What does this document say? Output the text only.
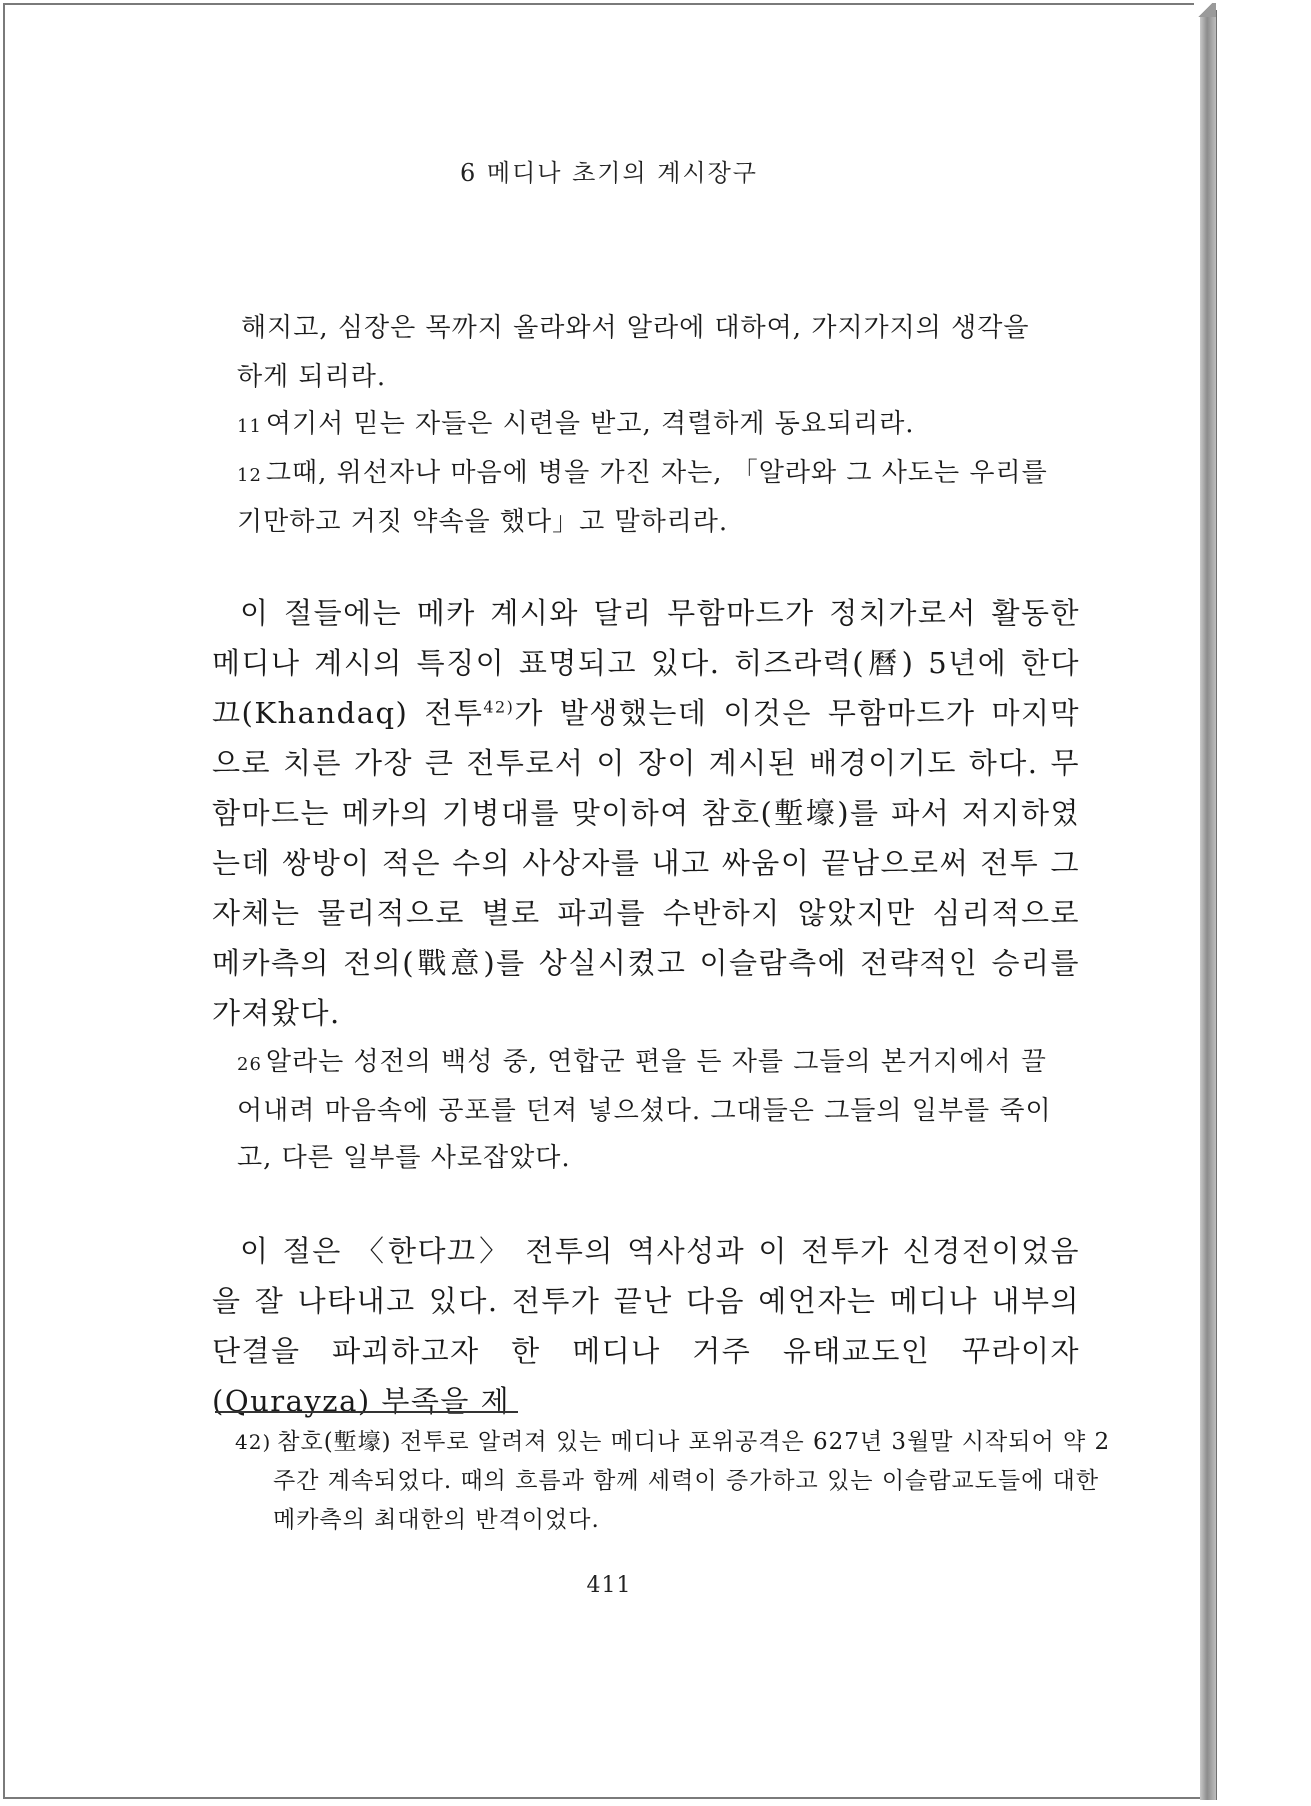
6 메디나 초기의 계시장구

해지고, 심장은 목까지 올라와서 알라에 대하여, 가지가지의 생각을 하게 되리라.

11 여기서 믿는 자들은 시련을 받고, 격렬하게 동요되리라.

12 그때, 위선자나 마음에 병을 가진 자는, 「알라와 그 사도는 우리를 기만하고 거짓 약속을 했다」고 말하리라.

이 절들에는 메카 계시와 달리 무함마드가 정치가로서 활동한 메디나 계시의 특징이 표명되고 있다. 히즈라력(曆) 5년에 한다끄(Khandaq) 전투$^{42)}$가 발생했는데 이것은 무함마드가 마지막으로 치른 가장 큰 전투로서 이 장이 계시된 배경이기도 하다. 무함마드는 메카의 기병대를 맞이하여 참호(塹壕)를 파서 저지하였는데 쌍방이 적은 수의 사상자를 내고 싸움이 끝남으로써 전투 그 자체는 물리적으로 별로 파괴를 수반하지 않았지만 심리적으로 메카측의 전의(戰意)를 상실시켰고 이슬람측에 전략적인 승리를 가져왔다.

26 알라는 성전의 백성 중, 연합군 편을 든 자를 그들의 본거지에서 끌어내려 마음속에 공포를 던져 넣으셨다. 그대들은 그들의 일부를 죽이고, 다른 일부를 사로잡았다.

이 절은 〈한다끄〉 전투의 역사성과 이 전투가 신경전이었음을 잘 나타내고 있다. 전투가 끝난 다음 예언자는 메디나 내부의 단결을 파괴하고자 한 메디나 거주 유태교도인 꾸라이자(Qurayza) 부족을 제

42) 참호(塹壕) 전투로 알려져 있는 메디나 포위공격은 627년 3월말 시작되어 약 2주간 계속되었다. 때의 흐름과 함께 세력이 증가하고 있는 이슬람교도들에 대한 메카측의 최대한의 반격이었다.
411
